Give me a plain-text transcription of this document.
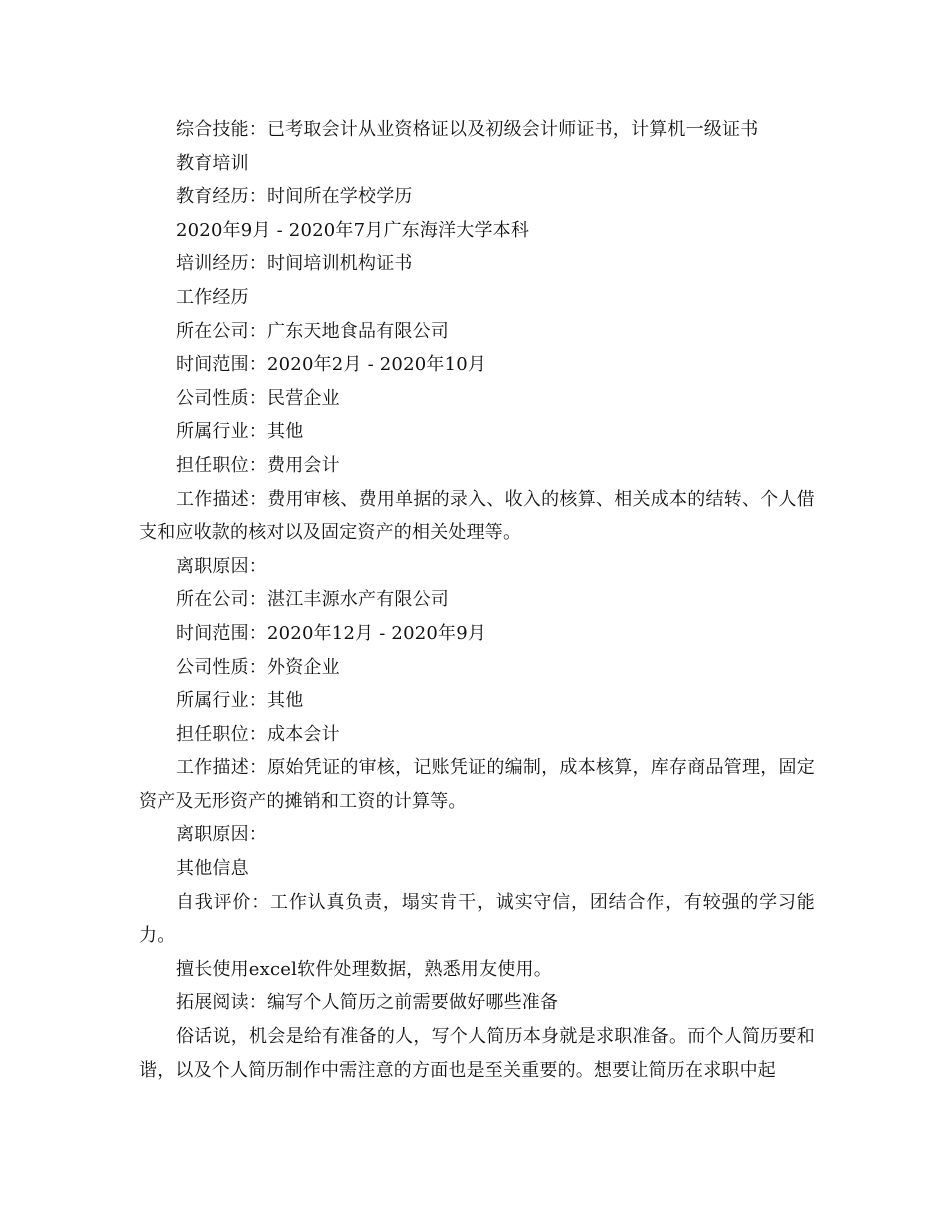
综合技能：已考取会计从业资格证以及初级会计师证书，计算机一级证书

教育培训

教育经历：时间所在学校学历

2020年9月 - 2020年7月广东海洋大学本科

培训经历：时间培训机构证书

工作经历

所在公司：广东天地食品有限公司

时间范围：2020年2月 - 2020年10月

公司性质：民营企业

所属行业：其他

担任职位：费用会计

工作描述：费用审核、费用单据的录入、收入的核算、相关成本的结转、个人借支和应收款的核对以及固定资产的相关处理等。

离职原因：

所在公司：湛江丰源水产有限公司

时间范围：2020年12月 - 2020年9月

公司性质：外资企业

所属行业：其他

担任职位：成本会计

工作描述：原始凭证的审核，记账凭证的编制，成本核算，库存商品管理，固定资产及无形资产的摊销和工资的计算等。

离职原因：

其他信息

自我评价：工作认真负责，塌实肯干，诚实守信，团结合作，有较强的学习能力。

擅长使用excel软件处理数据，熟悉用友使用。

拓展阅读：编写个人简历之前需要做好哪些准备

俗话说，机会是给有准备的人，写个人简历本身就是求职准备。而个人简历要和谐，以及个人简历制作中需注意的方面也是至关重要的。想要让简历在求职中起
